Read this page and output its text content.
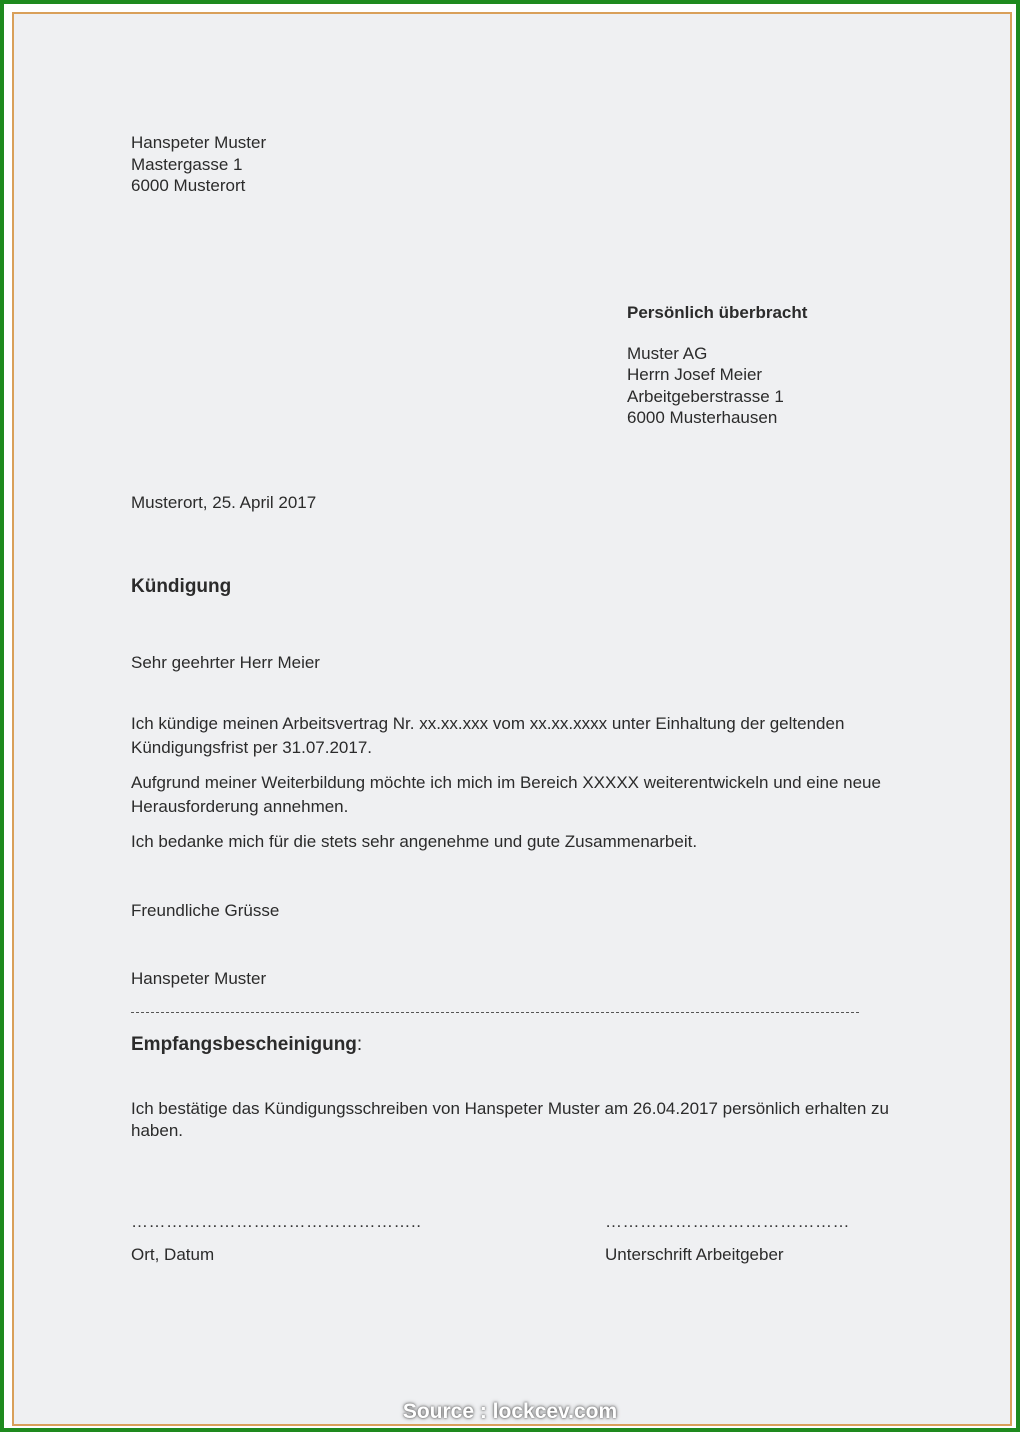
Hanspeter Muster
Mastergasse 1
6000 Musterort
Persönlich überbracht
Muster AG
Herrn Josef Meier
Arbeitgeberstrasse 1
6000 Musterhausen
Musterort, 25. April 2017
Kündigung
Sehr geehrter Herr Meier
Ich kündige meinen Arbeitsvertrag Nr. xx.xx.xxx vom xx.xx.xxxx unter Einhaltung der geltenden Kündigungsfrist per 31.07.2017.
Aufgrund meiner Weiterbildung möchte ich mich im Bereich XXXXX weiterentwickeln und eine neue Herausforderung annehmen.
Ich bedanke mich für die stets sehr angenehme und gute Zusammenarbeit.
Freundliche Grüsse
Hanspeter Muster
Empfangsbescheinigung:
Ich bestätige das Kündigungsschreiben von Hanspeter Muster am 26.04.2017 persönlich erhalten zu haben.
…………………………………………..	……………………………………
Ort, Datum	Unterschrift Arbeitgeber
Source : lockcev.com
